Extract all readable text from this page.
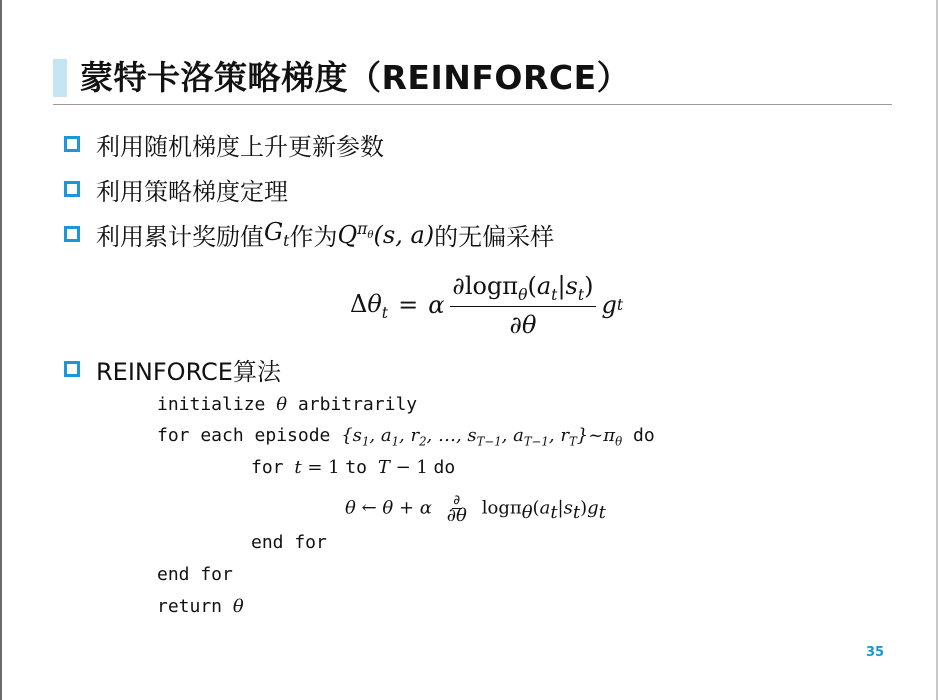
蒙特卡洛策略梯度（REINFORCE）
利用随机梯度上升更新参数
利用策略梯度定理
利用累计奖励值 $G_t$ 作为 $Q^{\pi_\theta}(s$, a) 的无偏采样
$\Delta\theta_t = \alpha \frac{\partial\log\pi_\theta(a_t|s_t)}{\partial\theta}$ g t
REINFORCE算法
initialize θ arbitrarily
for each episode {$s_1$, $a_1$, $r_2$, …, $s_{T-1}$, $a_{T-1}$, $r_T\}\sim\pi_\theta$ do
for t = 1 to T − 1 do
θ ← θ + α $\frac{\partial}{\partial\theta} \log\pi_\theta(a_t|s_t)g_t$
end for
end for
return θ
35
